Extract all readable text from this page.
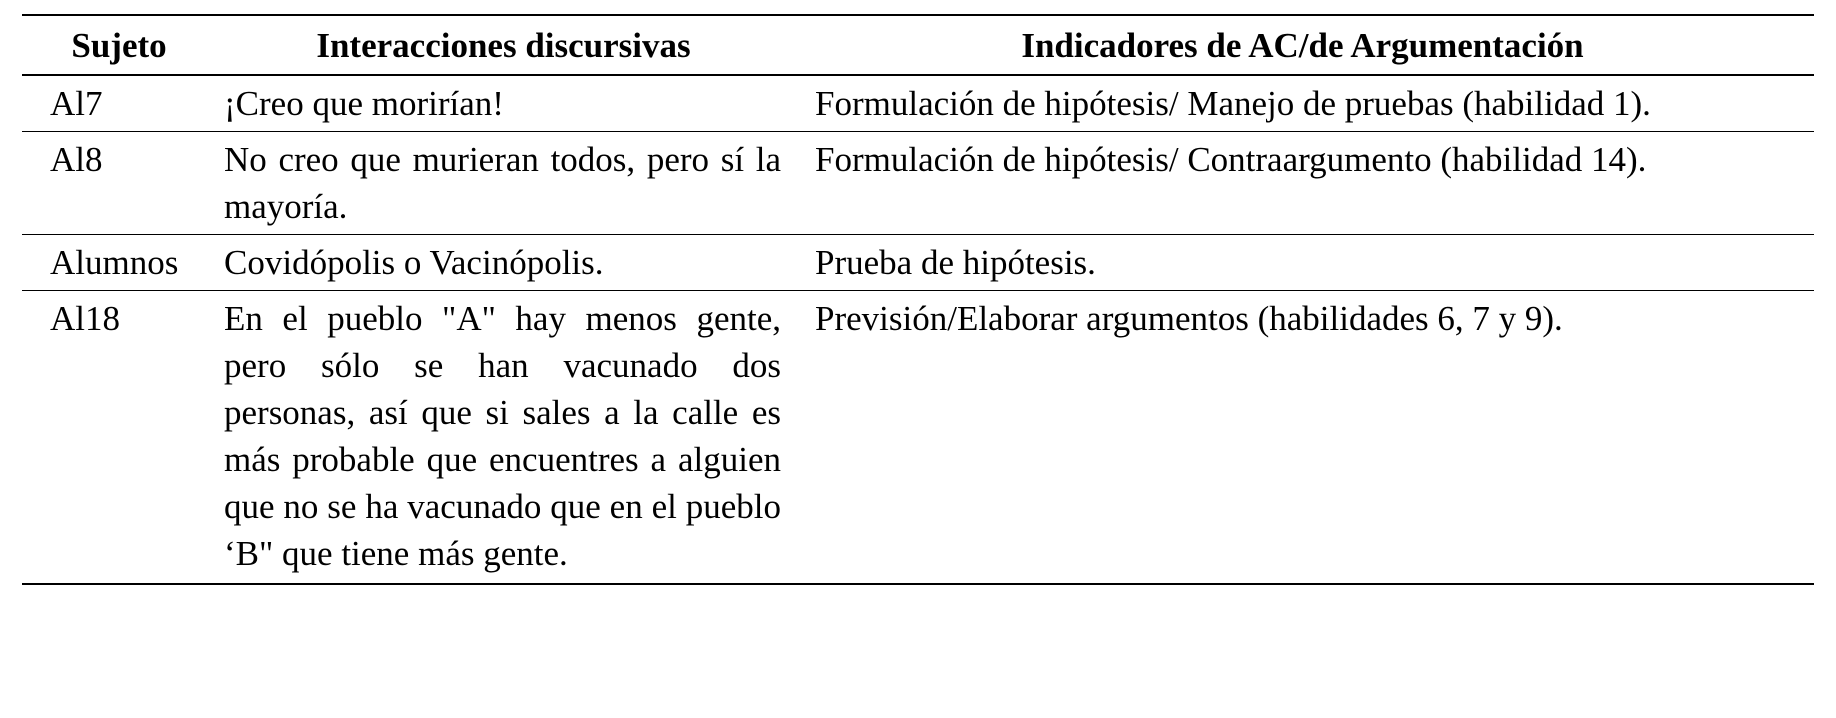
Sujeto	Interacciones discursivas	Indicadores de AC/de Argumentación
Al7	¡Creo que morirían!	Formulación de hipótesis/ Manejo de pruebas (habilidad 1).
Al8	No creo que murieran todos, pero sí la mayoría.	Formulación de hipótesis/ Contraargumento (habilidad 14).
Alumnos	Covidópolis o Vacinópolis.	Prueba de hipótesis.
Al18	En el pueblo "A" hay menos gente, pero sólo se han vacunado dos personas, así que si sales a la calle es más probable que encuentres a alguien que no se ha vacunado que en el pueblo ‘B" que tiene más gente.	Previsión/Elaborar argumentos (habilidades 6, 7 y 9).
